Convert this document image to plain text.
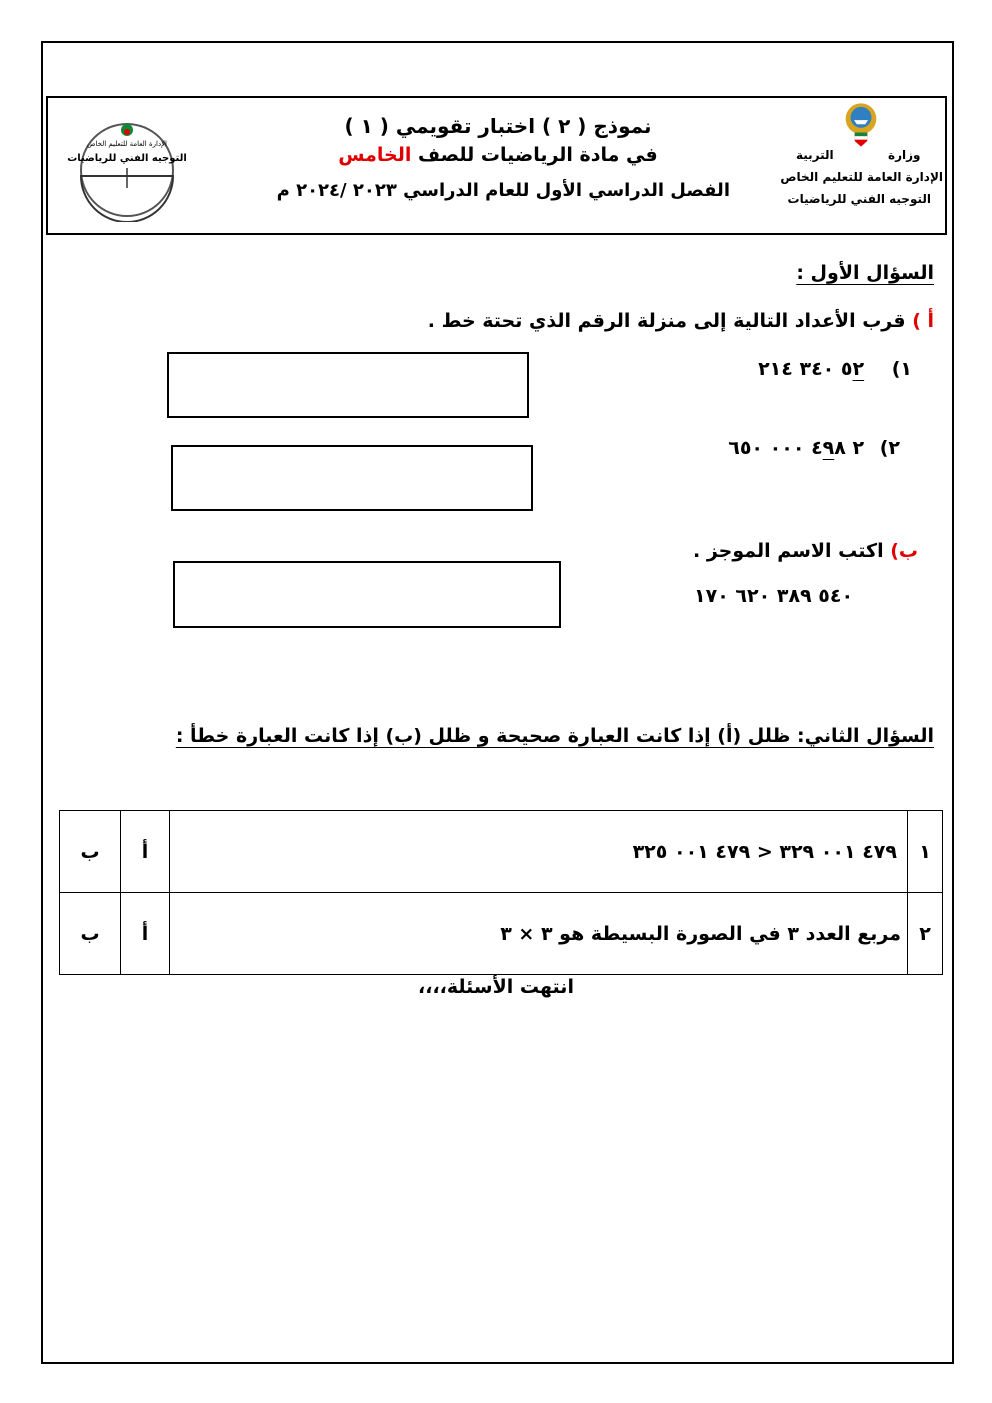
وزارة
التربية
الإدارة العامة للتعليم الخاص
التوجيه الفني للرياضيات
نموذج ( ٢ ) اختبار تقويمي ( ١ )
في مادة الرياضيات للصف الخامس
الفصل الدراسي الأول للعام الدراسي ٢٠٢٣ /٢٠٢٤ م
الإدارة العامة للتعليم الخاص
التوجيه الفني للرياضيات
السؤال الأول :
أ ) قرب الأعداد التالية إلى منزلة الرقم الذي تحتة خط .
١) ٥٢ ٣٤٠ ٢١٤
٢) ٢ ٤٩٨ ٠٠٠ ٦٥٠
ب) اكتب الاسم الموجز .
٥٤٠ ٣٨٩ ٦٢٠ ١٧٠
السؤال الثاني: ظلل (أ) إذا كانت العبارة صحيحة و ظلل (ب) إذا كانت العبارة خطأ :
١	٤٧٩ ٠٠١ ٣٢٩ < ٤٧٩ ٠٠١ ٣٢٥	أ	ب
٢	مربع العدد ٣ في الصورة البسيطة هو ٣ × ٣	أ	ب
انتهت الأسئلة،،،،
